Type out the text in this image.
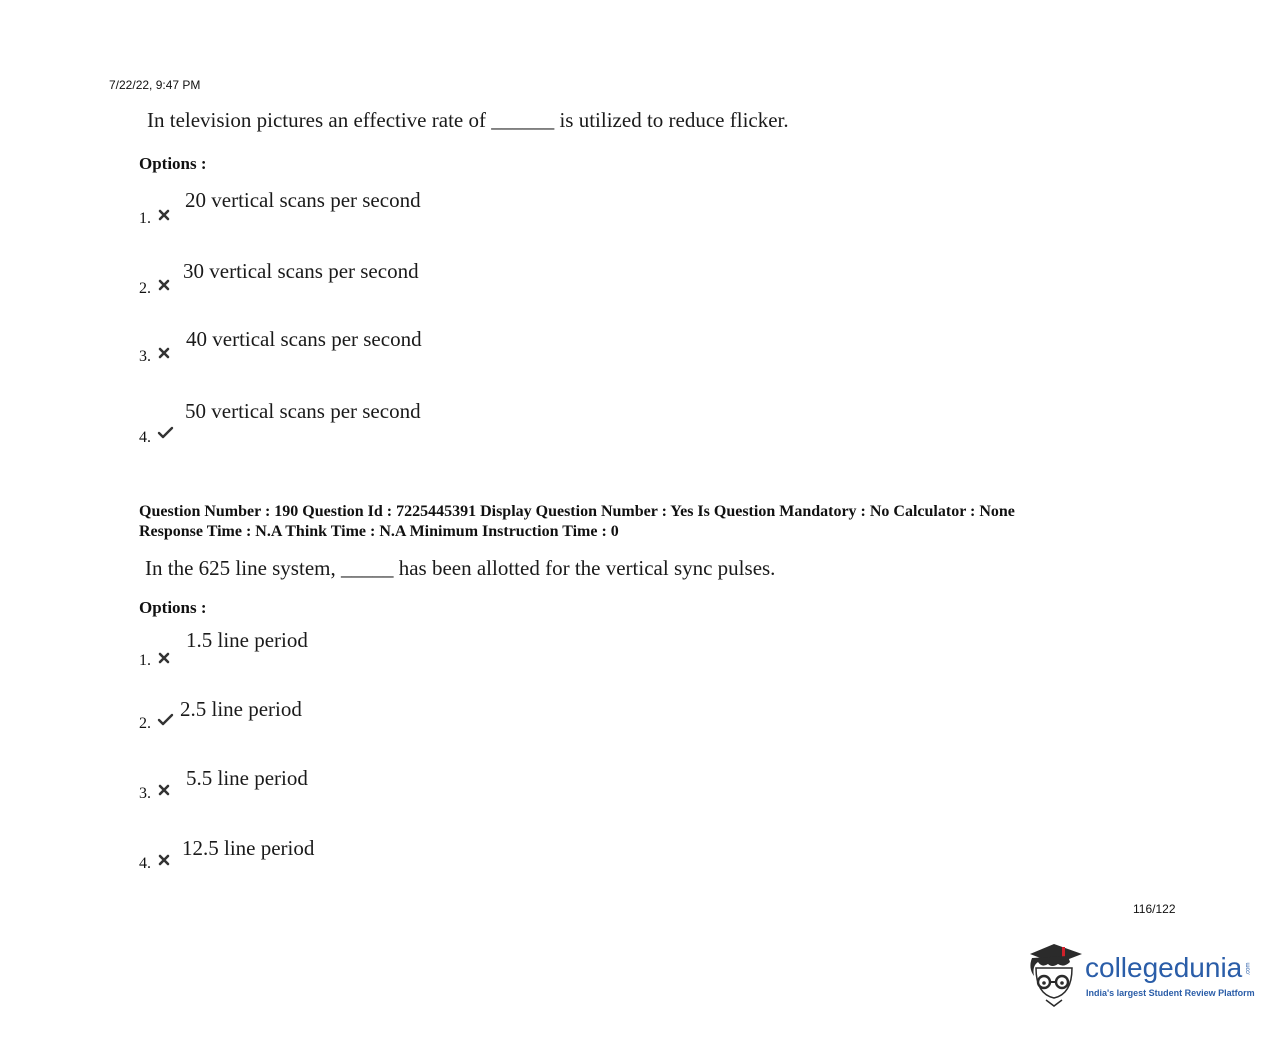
7/22/22, 9:47 PM
In television pictures an effective rate of ______ is utilized to reduce flicker.
Options :
1.
20 vertical scans per second
2.
30 vertical scans per second
3.
40 vertical scans per second
4.
50 vertical scans per second
Question Number : 190 Question Id : 7225445391 Display Question Number : Yes Is Question Mandatory : No Calculator : None
Response Time : N.A Think Time : N.A Minimum Instruction Time : 0
In the 625 line system, _____ has been allotted for the vertical sync pulses.
Options :
1.
1.5 line period
2.
2.5 line period
3.
5.5 line period
4.
12.5 line period
116/122
collegedunia .com
India's largest Student Review Platform
